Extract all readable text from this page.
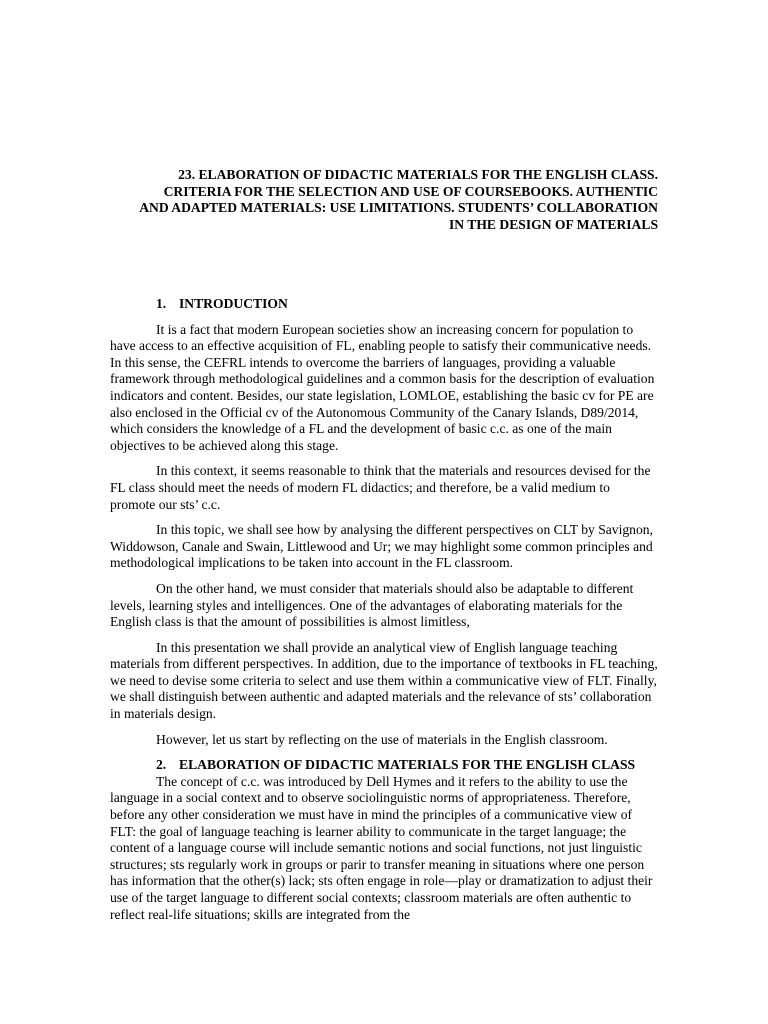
23. ELABORATION OF DIDACTIC MATERIALS FOR THE ENGLISH CLASS.
CRITERIA FOR THE SELECTION AND USE OF COURSEBOOKS. AUTHENTIC
AND ADAPTED MATERIALS: USE LIMITATIONS. STUDENTS’ COLLABORATION
IN THE DESIGN OF MATERIALS
1. INTRODUCTION

It is a fact that modern European societies show an increasing concern for population to have access to an effective acquisition of FL, enabling people to satisfy their communicative needs. In this sense, the CEFRL intends to overcome the barriers of languages, providing a valuable framework through methodological guidelines and a common basis for the description of evaluation indicators and content. Besides, our state legislation, LOMLOE, establishing the basic cv for PE are also enclosed in the Official cv of the Autonomous Community of the Canary Islands, D89/2014, which considers the knowledge of a FL and the development of basic c.c. as one of the main objectives to be achieved along this stage.

In this context, it seems reasonable to think that the materials and resources devised for the FL class should meet the needs of modern FL didactics; and therefore, be a valid medium to promote our sts’ c.c.

In this topic, we shall see how by analysing the different perspectives on CLT by Savignon, Widdowson, Canale and Swain, Littlewood and Ur; we may highlight some common principles and methodological implications to be taken into account in the FL classroom.

On the other hand, we must consider that materials should also be adaptable to different levels, learning styles and intelligences. One of the advantages of elaborating materials for the English class is that the amount of possibilities is almost limitless,

In this presentation we shall provide an analytical view of English language teaching materials from different perspectives. In addition, due to the importance of textbooks in FL teaching, we need to devise some criteria to select and use them within a communicative view of FLT. Finally, we shall distinguish between authentic and adapted materials and the relevance of sts’ collaboration in materials design.

However, let us start by reflecting on the use of materials in the English classroom.

2. ELABORATION OF DIDACTIC MATERIALS FOR THE ENGLISH CLASS

The concept of c.c. was introduced by Dell Hymes and it refers to the ability to use the language in a social context and to observe sociolinguistic norms of appropriateness. Therefore, before any other consideration we must have in mind the principles of a communicative view of FLT: the goal of language teaching is learner ability to communicate in the target language; the content of a language course will include semantic notions and social functions, not just linguistic structures; sts regularly work in groups or parir to transfer meaning in situations where one person has information that the other(s) lack; sts often engage in role—play or dramatization to adjust their use of the target language to different social contexts; classroom materials are often authentic to reflect real-life situations; skills are integrated from the
